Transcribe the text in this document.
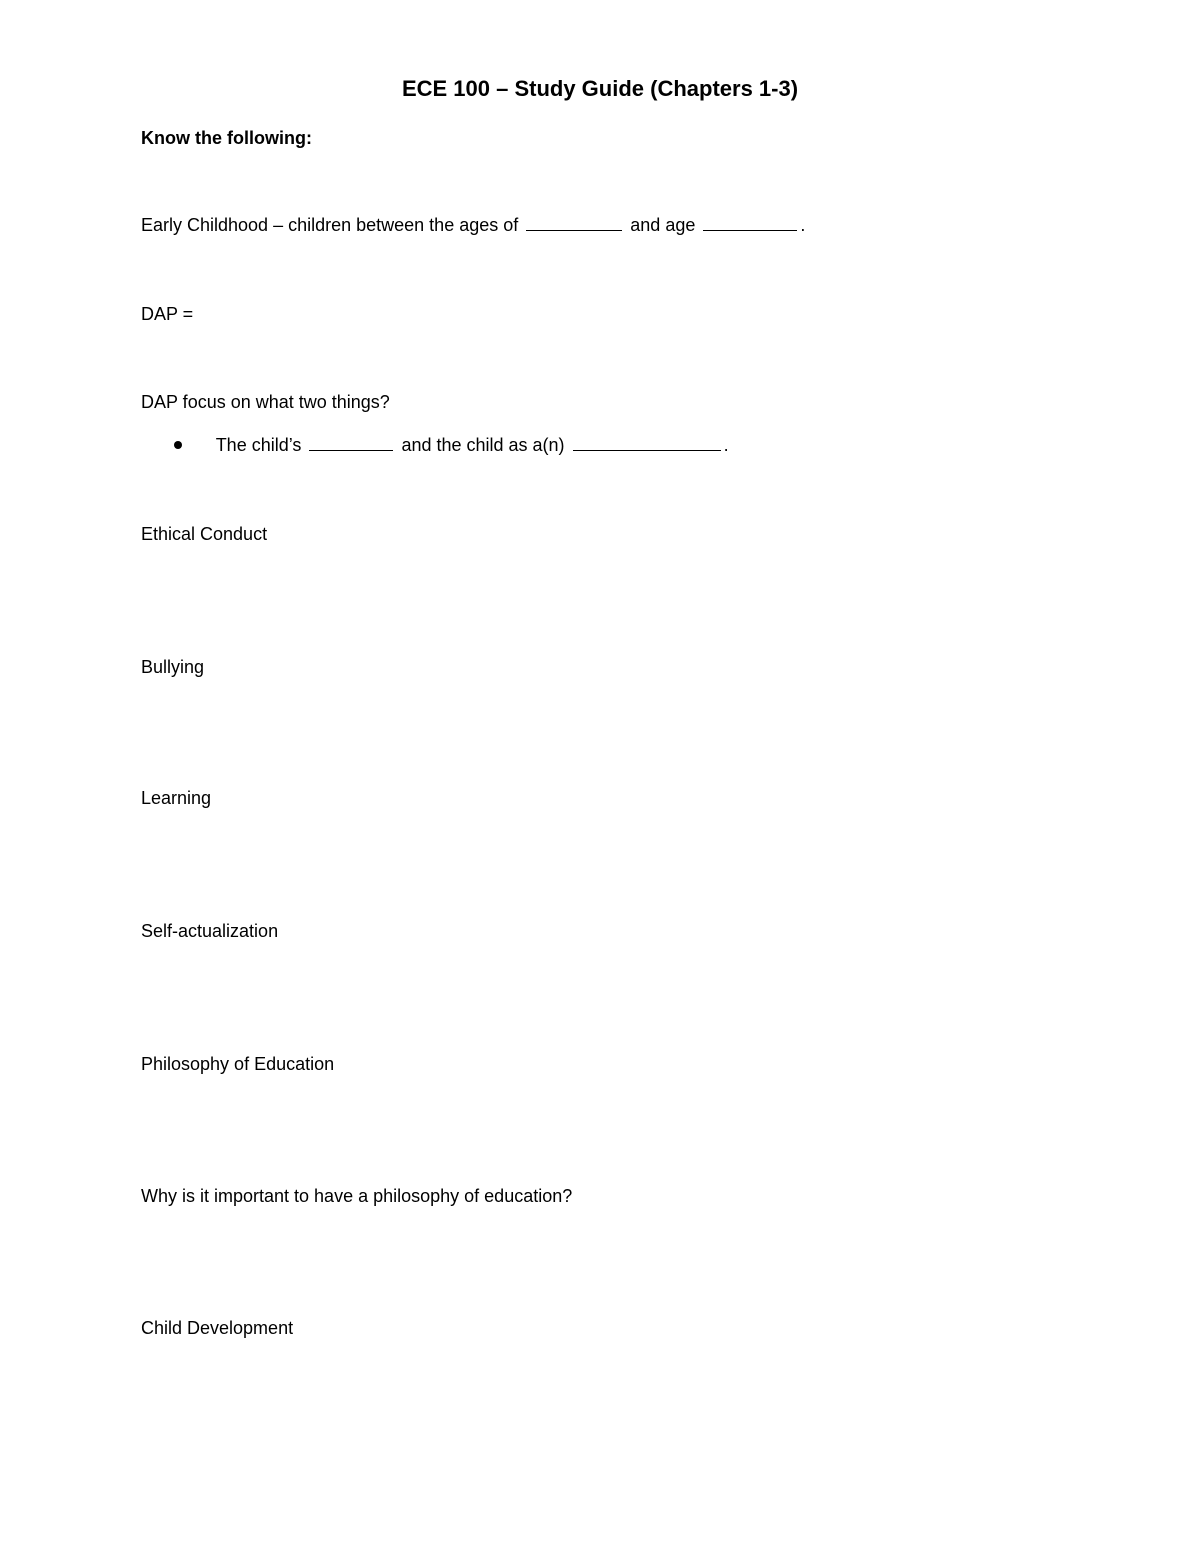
ECE 100 – Study Guide (Chapters 1-3)
Know the following:
Early Childhood – children between the ages of	and age	.
DAP =
DAP focus on what two things?
The child’s	and the child as a(n)	.
Ethical Conduct
Bullying
Learning
Self-actualization
Philosophy of Education
Why is it important to have a philosophy of education?
Child Development
